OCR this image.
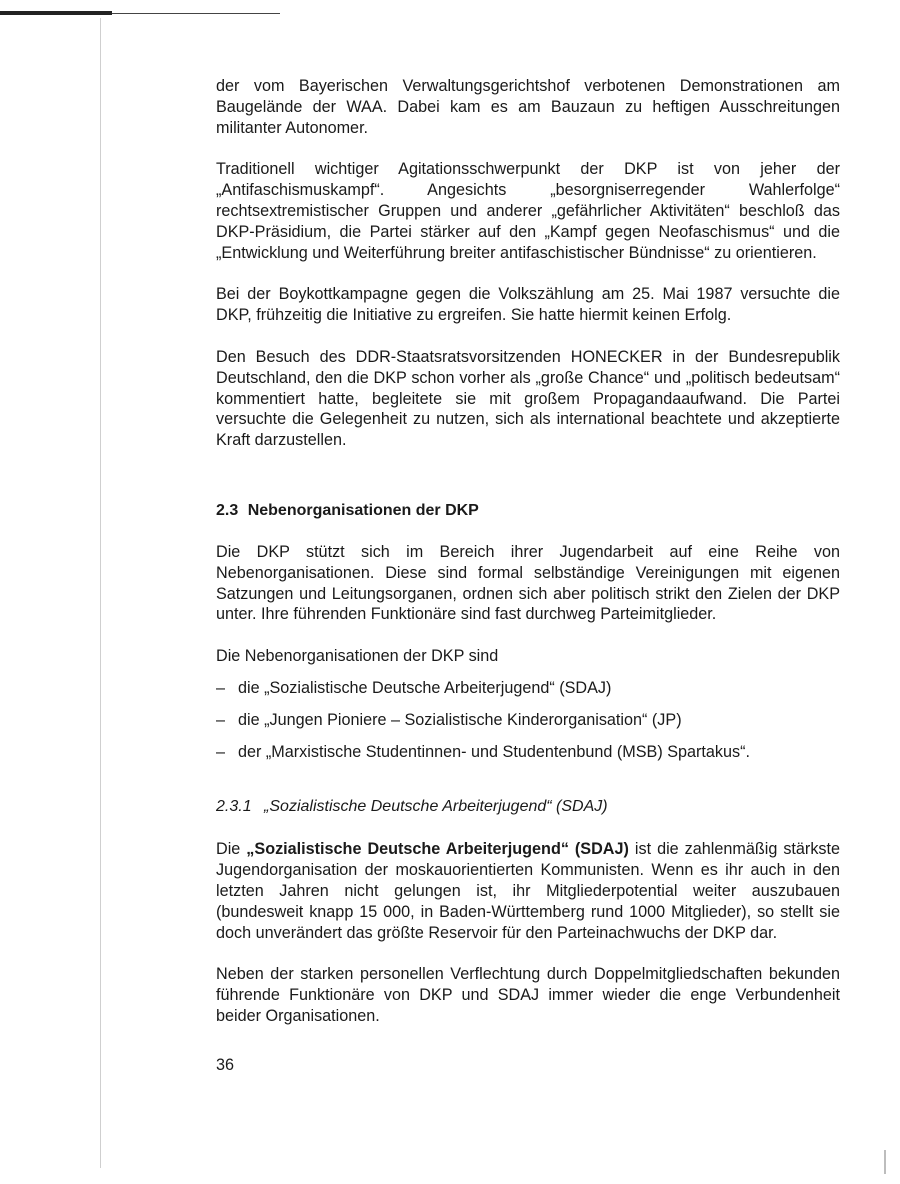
der vom Bayerischen Verwaltungsgerichtshof verbotenen Demonstrationen am Baugelände der WAA. Dabei kam es am Bauzaun zu heftigen Ausschreitungen militanter Autonomer.

Traditionell wichtiger Agitationsschwerpunkt der DKP ist von jeher der „Antifaschismuskampf“. Angesichts „besorgniserregender Wahlerfolge“ rechtsextremistischer Gruppen und anderer „gefährlicher Aktivitäten“ beschloß das DKP-Präsidium, die Partei stärker auf den „Kampf gegen Neofaschismus“ und die „Entwicklung und Weiterführung breiter antifaschistischer Bündnisse“ zu orientieren.

Bei der Boykottkampagne gegen die Volkszählung am 25. Mai 1987 versuchte die DKP, frühzeitig die Initiative zu ergreifen. Sie hatte hiermit keinen Erfolg.

Den Besuch des DDR-Staatsratsvorsitzenden HONECKER in der Bundesrepublik Deutschland, den die DKP schon vorher als „große Chance“ und „politisch bedeutsam“ kommentiert hatte, begleitete sie mit großem Propagandaaufwand. Die Partei versuchte die Gelegenheit zu nutzen, sich als international beachtete und akzeptierte Kraft darzustellen.

2.3 Nebenorganisationen der DKP

Die DKP stützt sich im Bereich ihrer Jugendarbeit auf eine Reihe von Nebenorganisationen. Diese sind formal selbständige Vereinigungen mit eigenen Satzungen und Leitungsorganen, ordnen sich aber politisch strikt den Zielen der DKP unter. Ihre führenden Funktionäre sind fast durchweg Parteimitglieder.

Die Nebenorganisationen der DKP sind

– die „Sozialistische Deutsche Arbeiterjugend“ (SDAJ)
– die „Jungen Pioniere – Sozialistische Kinderorganisation“ (JP)
– der „Marxistische Studentinnen- und Studentenbund (MSB) Spartakus“.
2.3.1 „Sozialistische Deutsche Arbeiterjugend“ (SDAJ)

Die „Sozialistische Deutsche Arbeiterjugend“ (SDAJ) ist die zahlenmäßig stärkste Jugendorganisation der moskauorientierten Kommunisten. Wenn es ihr auch in den letzten Jahren nicht gelungen ist, ihr Mitgliederpotential weiter auszubauen (bundesweit knapp 15 000, in Baden-Württemberg rund 1000 Mitglieder), so stellt sie doch unverändert das größte Reservoir für den Parteinachwuchs der DKP dar.

Neben der starken personellen Verflechtung durch Doppelmitgliedschaften bekunden führende Funktionäre von DKP und SDAJ immer wieder die enge Verbundenheit beider Organisationen.

36
